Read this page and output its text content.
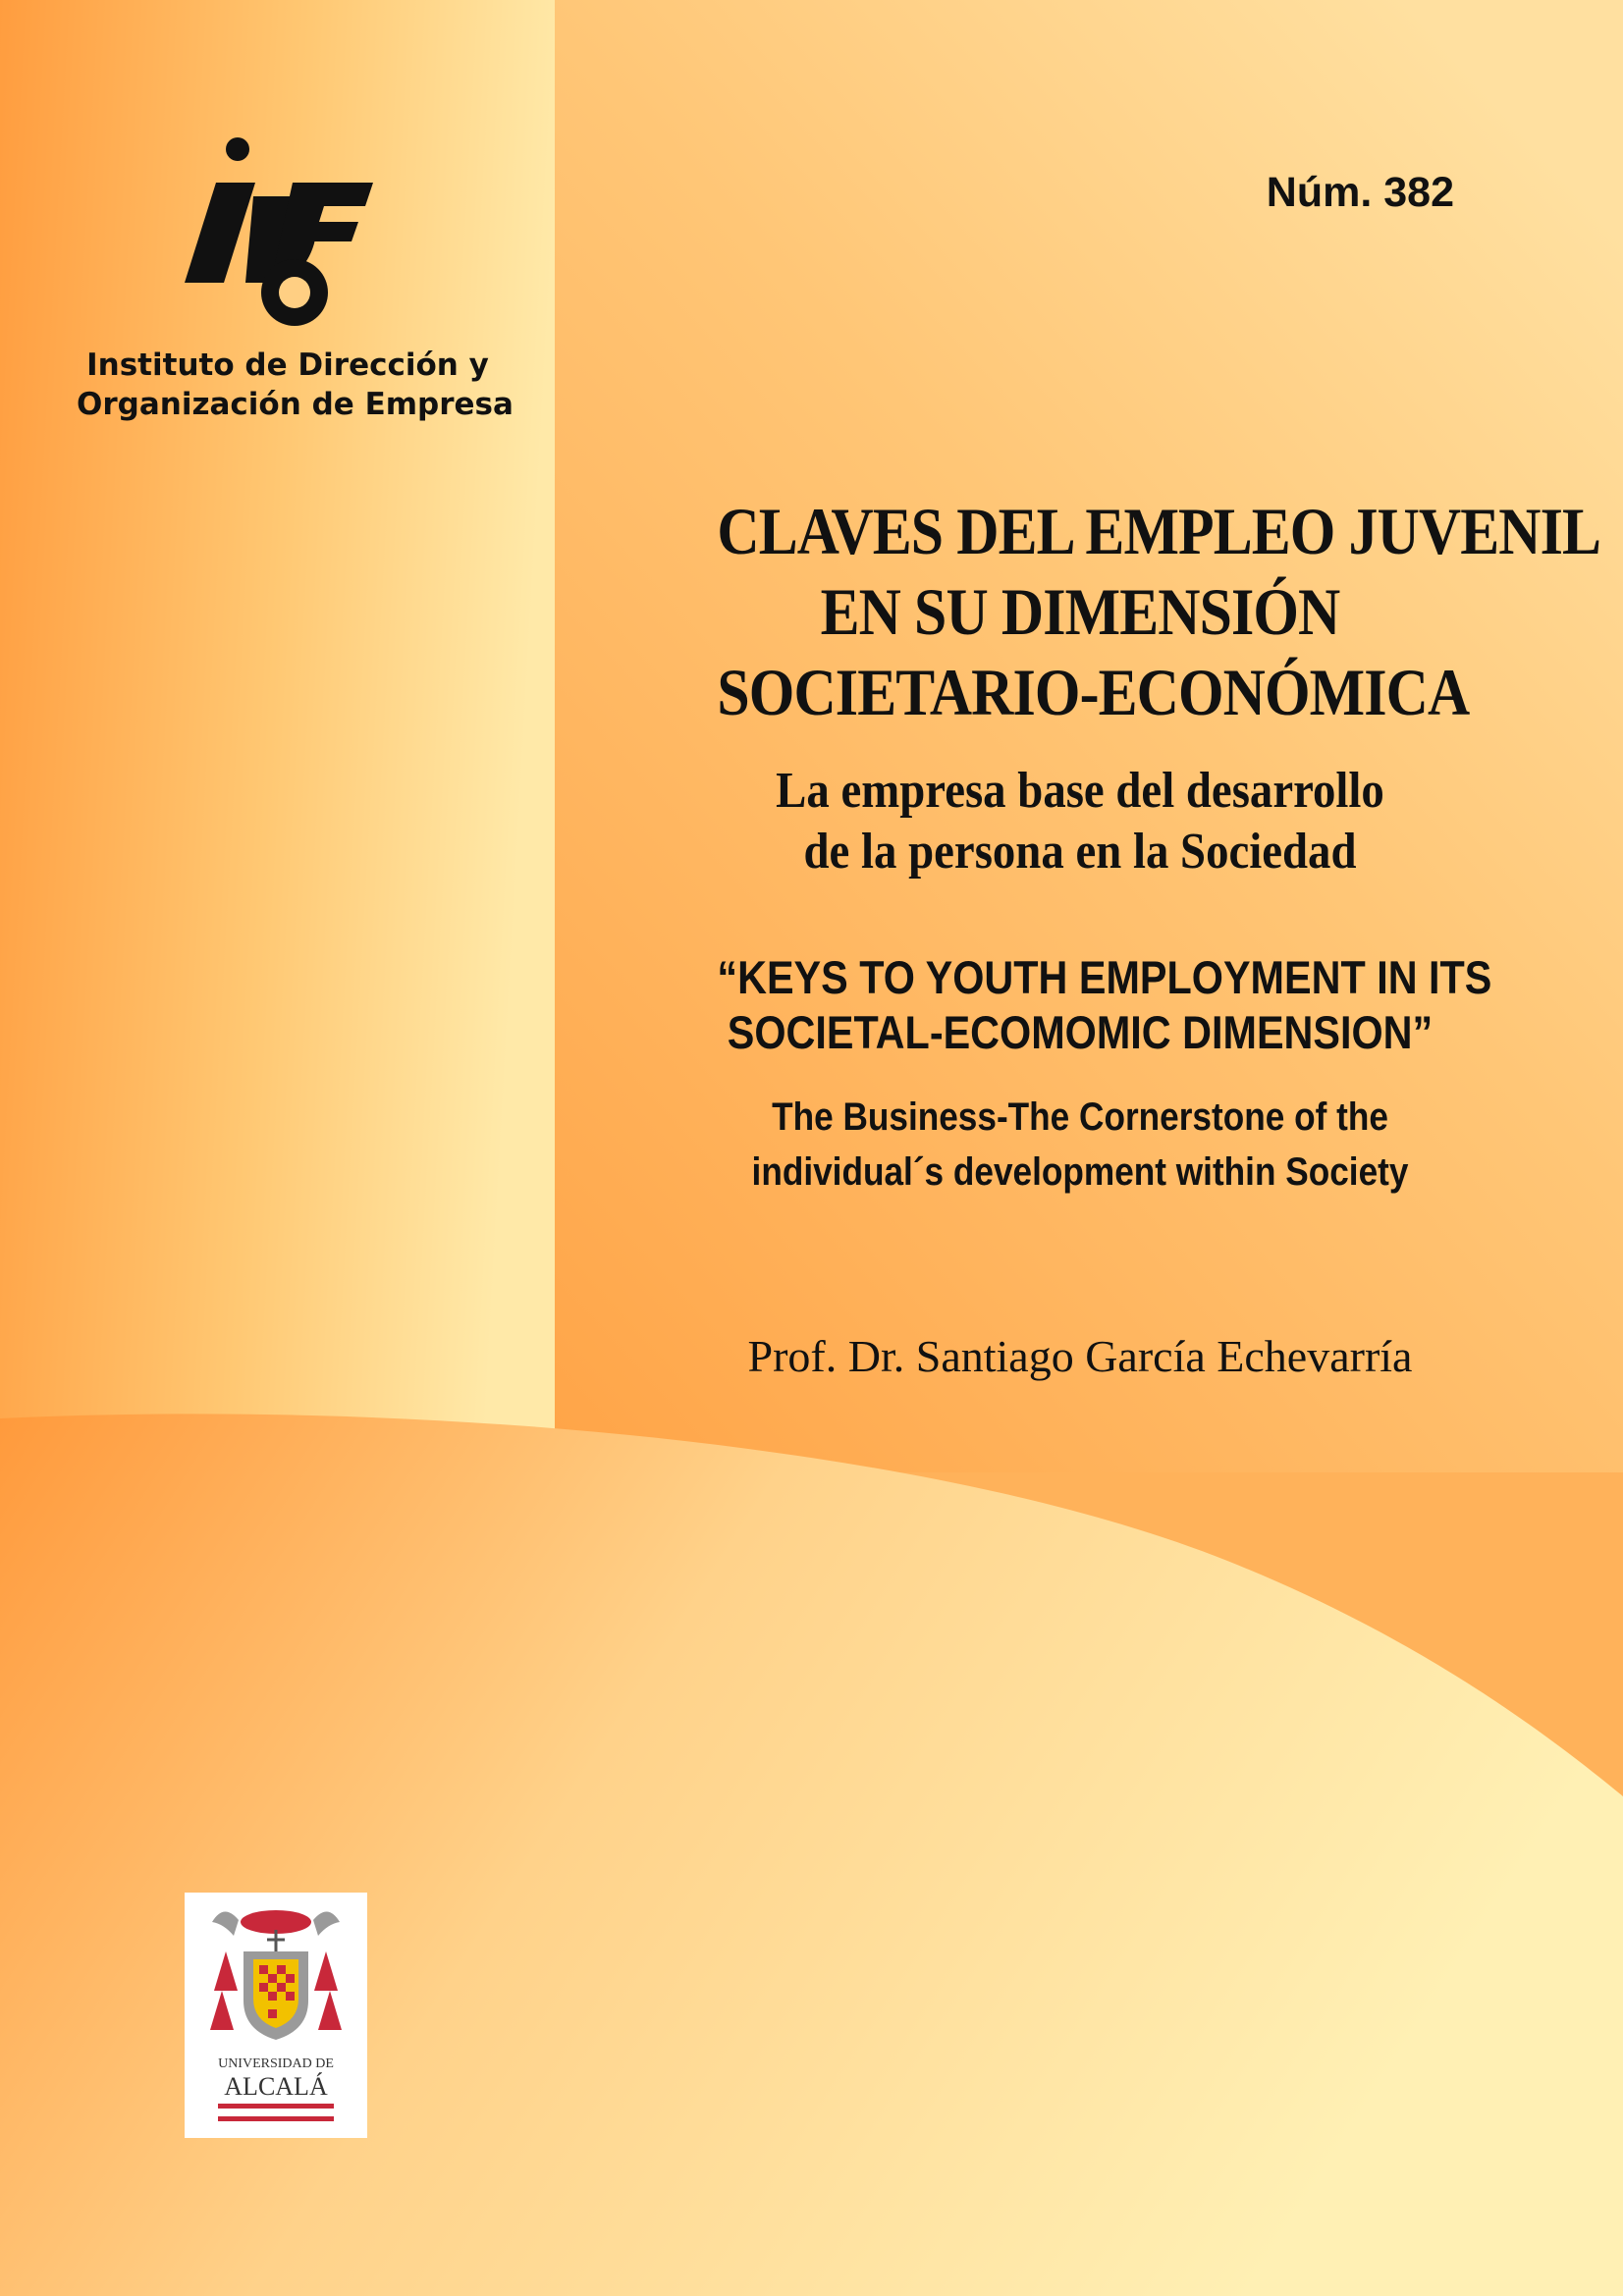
Núm. 382
Instituto de Dirección y
Organización de Empresa
CLAVES DEL EMPLEO JUVENIL
EN SU DIMENSIÓN
SOCIETARIO-ECONÓMICA
La empresa base del desarrollo
de la persona en la Sociedad
“KEYS TO YOUTH EMPLOYMENT IN ITS
SOCIETAL-ECOMOMIC DIMENSION”
The Business-The Cornerstone of the
individual´s development within Society
Prof. Dr. Santiago García Echevarría
UNIVERSIDAD DE
ALCALÁ
